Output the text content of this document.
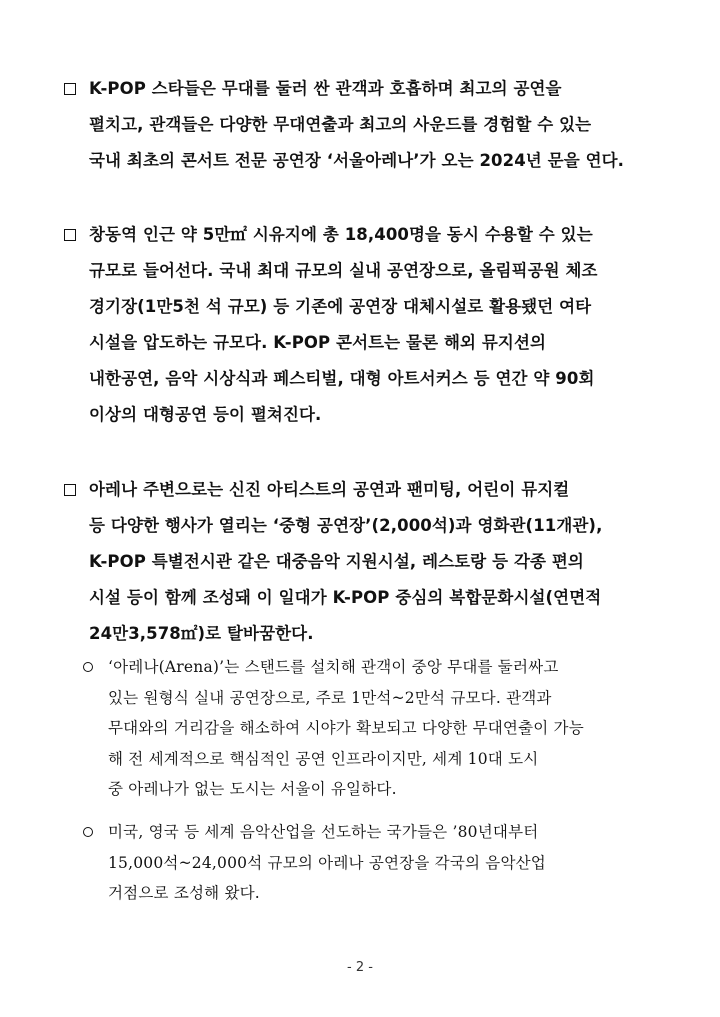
K-POP 스타들은 무대를 둘러 싼 관객과 호흡하며 최고의 공연을
펼치고, 관객들은 다양한 무대연출과 최고의 사운드를 경험할 수 있는
국내 최초의 콘서트 전문 공연장 ‘서울아레나’가 오는 2024년 문을 연다.
창동역 인근 약 5만㎡ 시유지에 총 18,400명을 동시 수용할 수 있는
규모로 들어선다. 국내 최대 규모의 실내 공연장으로, 올림픽공원 체조
경기장(1만5천 석 규모) 등 기존에 공연장 대체시설로 활용됐던 여타
시설을 압도하는 규모다. K-POP 콘서트는 물론 해외 뮤지션의
내한공연, 음악 시상식과 페스티벌, 대형 아트서커스 등 연간 약 90회
이상의 대형공연 등이 펼쳐진다.
아레나 주변으로는 신진 아티스트의 공연과 팬미팅, 어린이 뮤지컬
등 다양한 행사가 열리는 ‘중형 공연장’(2,000석)과 영화관(11개관),
K-POP 특별전시관 같은 대중음악 지원시설, 레스토랑 등 각종 편의
시설 등이 함께 조성돼 이 일대가 K-POP 중심의 복합문화시설(연면적
24만3,578㎡)로 탈바꿈한다.
‘아레나(Arena)’는 스탠드를 설치해 관객이 중앙 무대를 둘러싸고
있는 원형식 실내 공연장으로, 주로 1만석~2만석 규모다. 관객과
무대와의 거리감을 해소하여 시야가 확보되고 다양한 무대연출이 가능
해 전 세계적으로 핵심적인 공연 인프라이지만, 세계 10대 도시
중 아레나가 없는 도시는 서울이 유일하다.
미국, 영국 등 세계 음악산업을 선도하는 국가들은 ’80년대부터
15,000석~24,000석 규모의 아레나 공연장을 각국의 음악산업
거점으로 조성해 왔다.
- 2 -
